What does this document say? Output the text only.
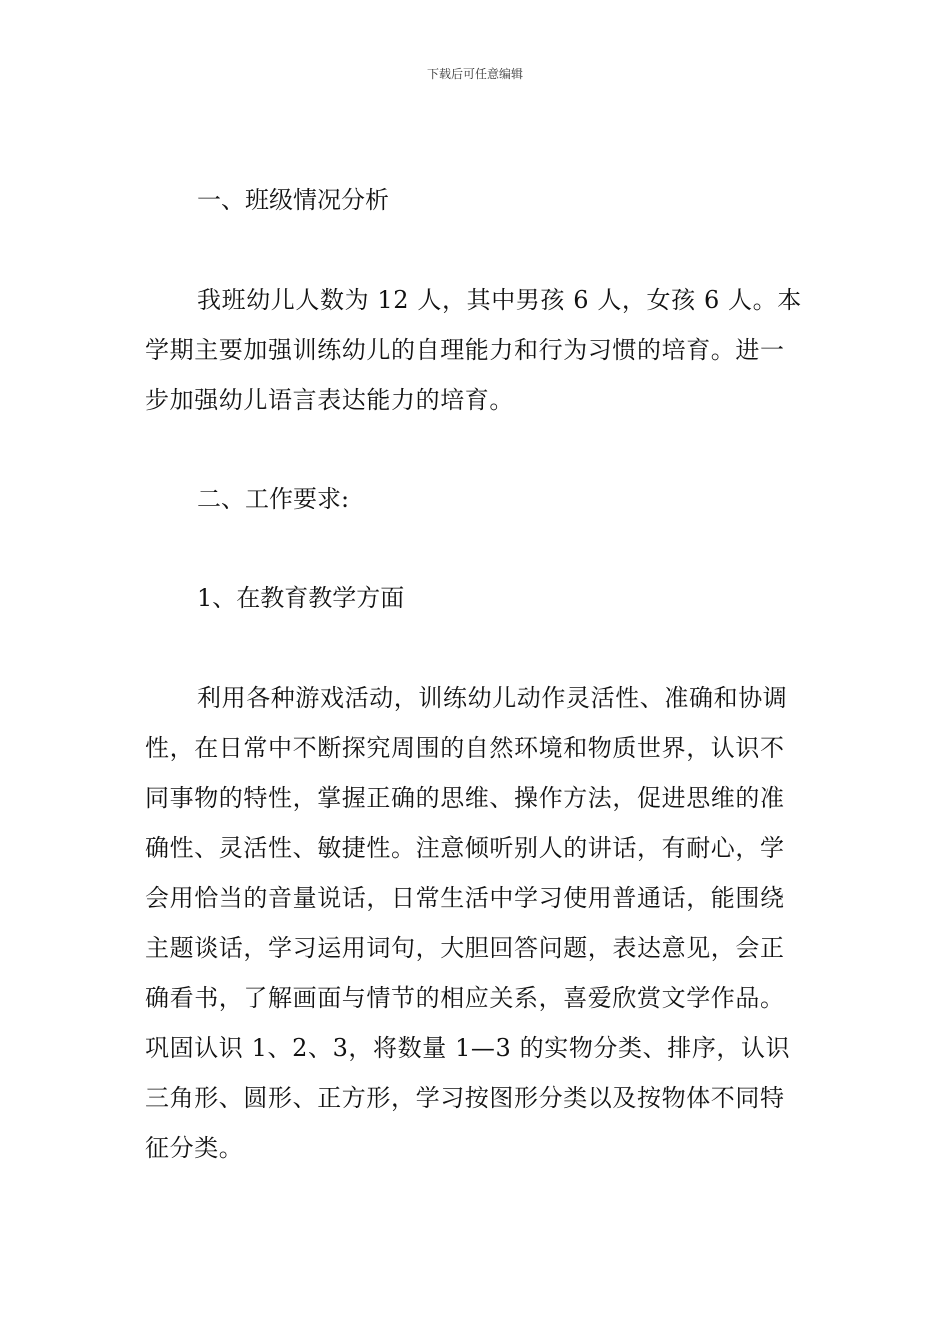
下载后可任意编辑
一、班级情况分析
我班幼儿人数为 12 人，其中男孩 6 人，女孩 6 人。本学期主要加强训练幼儿的自理能力和行为习惯的培育。进一步加强幼儿语言表达能力的培育。
二、工作要求:
1、在教育教学方面
利用各种游戏活动，训练幼儿动作灵活性、准确和协调性，在日常中不断探究周围的自然环境和物质世界，认识不同事物的特性，掌握正确的思维、操作方法，促进思维的准确性、灵活性、敏捷性。注意倾听别人的讲话，有耐心，学会用恰当的音量说话，日常生活中学习使用普通话，能围绕主题谈话，学习运用词句，大胆回答问题，表达意见，会正确看书，了解画面与情节的相应关系，喜爱欣赏文学作品。巩固认识 1、2、3，将数量 1—3 的实物分类、排序，认识三角形、圆形、正方形，学习按图形分类以及按物体不同特征分类。
